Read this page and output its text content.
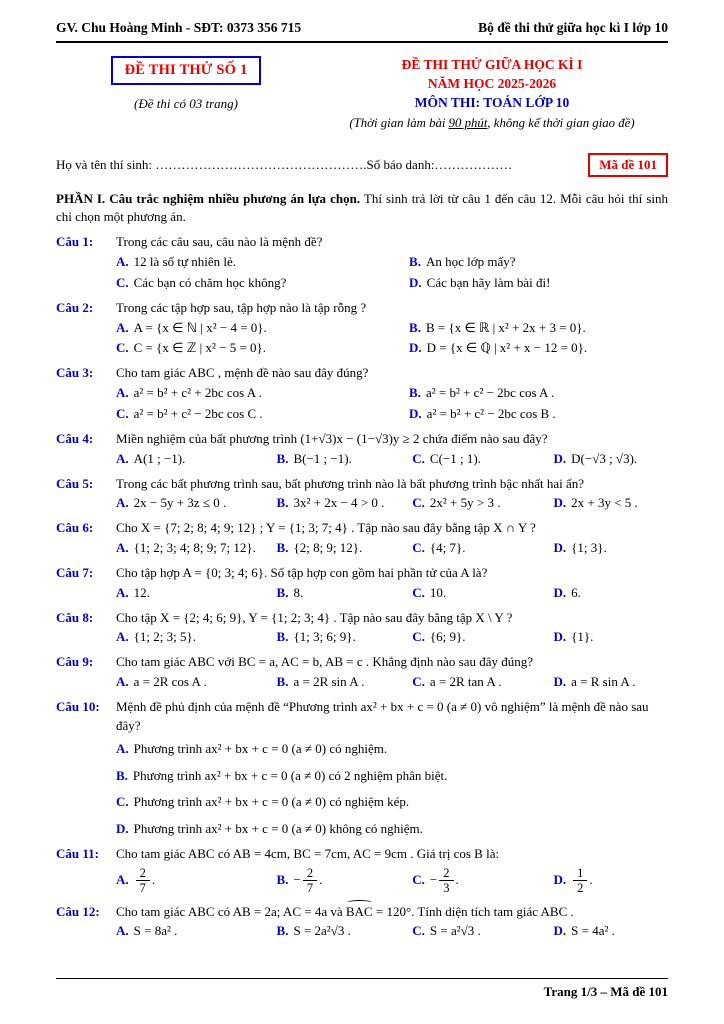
GV. Chu Hoàng Minh - SĐT: 0373 356 715	Bộ đề thi thử giữa học kì I lớp 10
ĐỀ THI THỬ SỐ 1
(Đề thi có 03 trang)
ĐỀ THI THỬ GIỮA HỌC KÌ I
NĂM HỌC 2025-2026
MÔN THI: TOÁN LỚP 10
(Thời gian làm bài 90 phút, không kể thời gian giao đề)
Họ và tên thí sinh: ………………………………………….Số báo danh:………………	Mã đề 101
PHẦN I. Câu trắc nghiệm nhiều phương án lựa chọn. Thí sinh trả lời từ câu 1 đến câu 12. Mỗi câu hỏi thí sinh chỉ chọn một phương án.
Câu 1:	Trong các câu sau, câu nào là mệnh đề?
A. 12 là số tự nhiên lẻ.	B. An học lớp mấy?
C. Các bạn có chăm học không?	D. Các bạn hãy làm bài đi!
Câu 2:	Trong các tập hợp sau, tập hợp nào là tập rỗng ?
A. A = {x ∈ ℕ | x² − 4 = 0}.	B. B = {x ∈ ℝ | x² + 2x + 3 = 0}.
C. C = {x ∈ ℤ | x² − 5 = 0}.	D. D = {x ∈ ℚ | x² + x − 12 = 0}.
Câu 3:	Cho tam giác ABC , mệnh đề nào sau đây đúng?
A. a² = b² + c² + 2bc cos A .	B. a² = b² + c² − 2bc cos A .
C. a² = b² + c² − 2bc cos C .	D. a² = b² + c² − 2bc cos B .
Câu 4:	Miền nghiệm của bất phương trình (1+√3)x − (1−√3)y ≥ 2 chứa điểm nào sau đây?
A. A(1 ; −1).	B. B(−1 ; −1).	C. C(−1 ; 1).	D. D(−√3 ; √3).
Câu 5:	Trong các bất phương trình sau, bất phương trình nào là bất phương trình bậc nhất hai ẩn?
A. 2x − 5y + 3z ≤ 0 .	B. 3x² + 2x − 4 > 0 .	C. 2x² + 5y > 3 .	D. 2x + 3y < 5 .
Câu 6:	Cho X = {7; 2; 8; 4; 9; 12} ; Y = {1; 3; 7; 4} . Tập nào sau đây bằng tập X ∩ Y ?
A. {1; 2; 3; 4; 8; 9; 7; 12}.	B. {2; 8; 9; 12}.	C. {4; 7}.	D. {1; 3}.
Câu 7:	Cho tập hợp A = {0; 3; 4; 6}. Số tập hợp con gồm hai phần tử của A là?
A. 12.	B. 8.	C. 10.	D. 6.
Câu 8:	Cho tập X = {2; 4; 6; 9}, Y = {1; 2; 3; 4} . Tập nào sau đây bằng tập X \ Y ?
A. {1; 2; 3; 5}.	B. {1; 3; 6; 9}.	C. {6; 9}.	D. {1}.
Câu 9:	Cho tam giác ABC với BC = a, AC = b, AB = c . Khẳng định nào sau đây đúng?
A. a = 2R cos A .	B. a = 2R sin A .	C. a = 2R tan A .	D. a = R sin A .
Câu 10:	Mệnh đề phủ định của mệnh đề “Phương trình ax² + bx + c = 0 (a ≠ 0) vô nghiệm” là mệnh đề nào sau đây?
A. Phương trình ax² + bx + c = 0 (a ≠ 0) có nghiệm.
B. Phương trình ax² + bx + c = 0 (a ≠ 0) có 2 nghiệm phân biệt.
C. Phương trình ax² + bx + c = 0 (a ≠ 0) có nghiệm kép.
D. Phương trình ax² + bx + c = 0 (a ≠ 0) không có nghiệm.
Câu 11:	Cho tam giác ABC có AB = 4cm, BC = 7cm, AC = 9cm . Giá trị cos B là:
A. $\frac{2}{7}$ .	B. − $\frac{2}{7}$ .	C. − $\frac{2}{3}$ .	D. $\frac{1}{2}$ .
Câu 12:	Cho tam giác ABC có AB = 2a; AC = 4a và BAC = 120°. Tính diện tích tam giác ABC .
A. S = 8a² .	B. S = 2a²√3 .	C. S = a²√3 .	D. S = 4a² .
Trang 1/3 – Mã đề 101
